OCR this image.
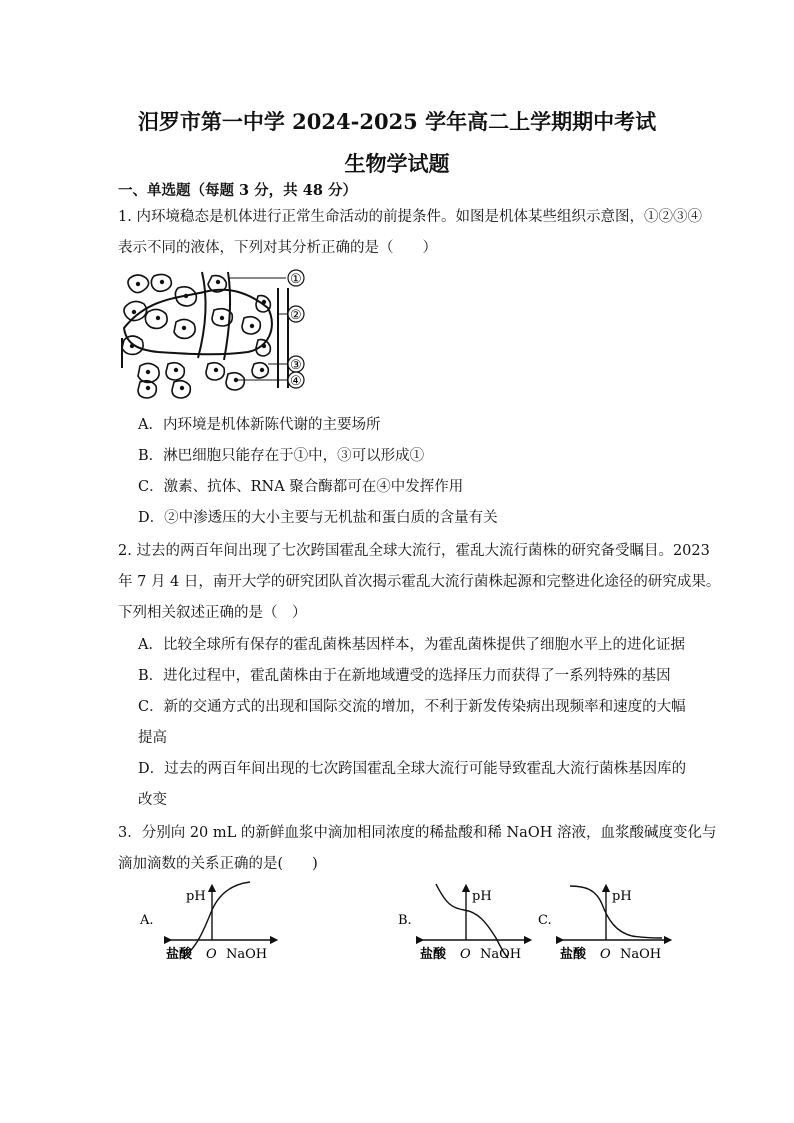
汨罗市第一中学 2024-2025 学年高二上学期期中考试
生物学试题
一、单选题（每题 3 分，共 48 分）
1. 内环境稳态是机体进行正常生命活动的前提条件。如图是机体某些组织示意图，①②③④
表示不同的液体，下列对其分析正确的是（　　）
①
②
③
④
A．内环境是机体新陈代谢的主要场所
B．淋巴细胞只能存在于①中，③可以形成①
C．激素、抗体、RNA 聚合酶都可在④中发挥作用
D．②中渗透压的大小主要与无机盐和蛋白质的含量有关
2. 过去的两百年间出现了七次跨国霍乱全球大流行，霍乱大流行菌株的研究备受瞩目。2023
年 7 月 4 日，南开大学的研究团队首次揭示霍乱大流行菌株起源和完整进化途径的研究成果。
下列相关叙述正确的是（　）
A．比较全球所有保存的霍乱菌株基因样本，为霍乱菌株提供了细胞水平上的进化证据
B．进化过程中，霍乱菌株由于在新地域遭受的选择压力而获得了一系列特殊的基因
C．新的交通方式的出现和国际交流的增加，不利于新发传染病出现频率和速度的大幅
提高
D．过去的两百年间出现的七次跨国霍乱全球大流行可能导致霍乱大流行菌株基因库的
改变
3．分别向 20 mL 的新鲜血浆中滴加相同浓度的稀盐酸和稀 NaOH 溶液，血浆酸碱度变化与
滴加滴数的关系正确的是(　　)
A.
pH
盐酸 O NaOH
B.
pH
盐酸 O NaOH
C.
pH
盐酸 O NaOH
